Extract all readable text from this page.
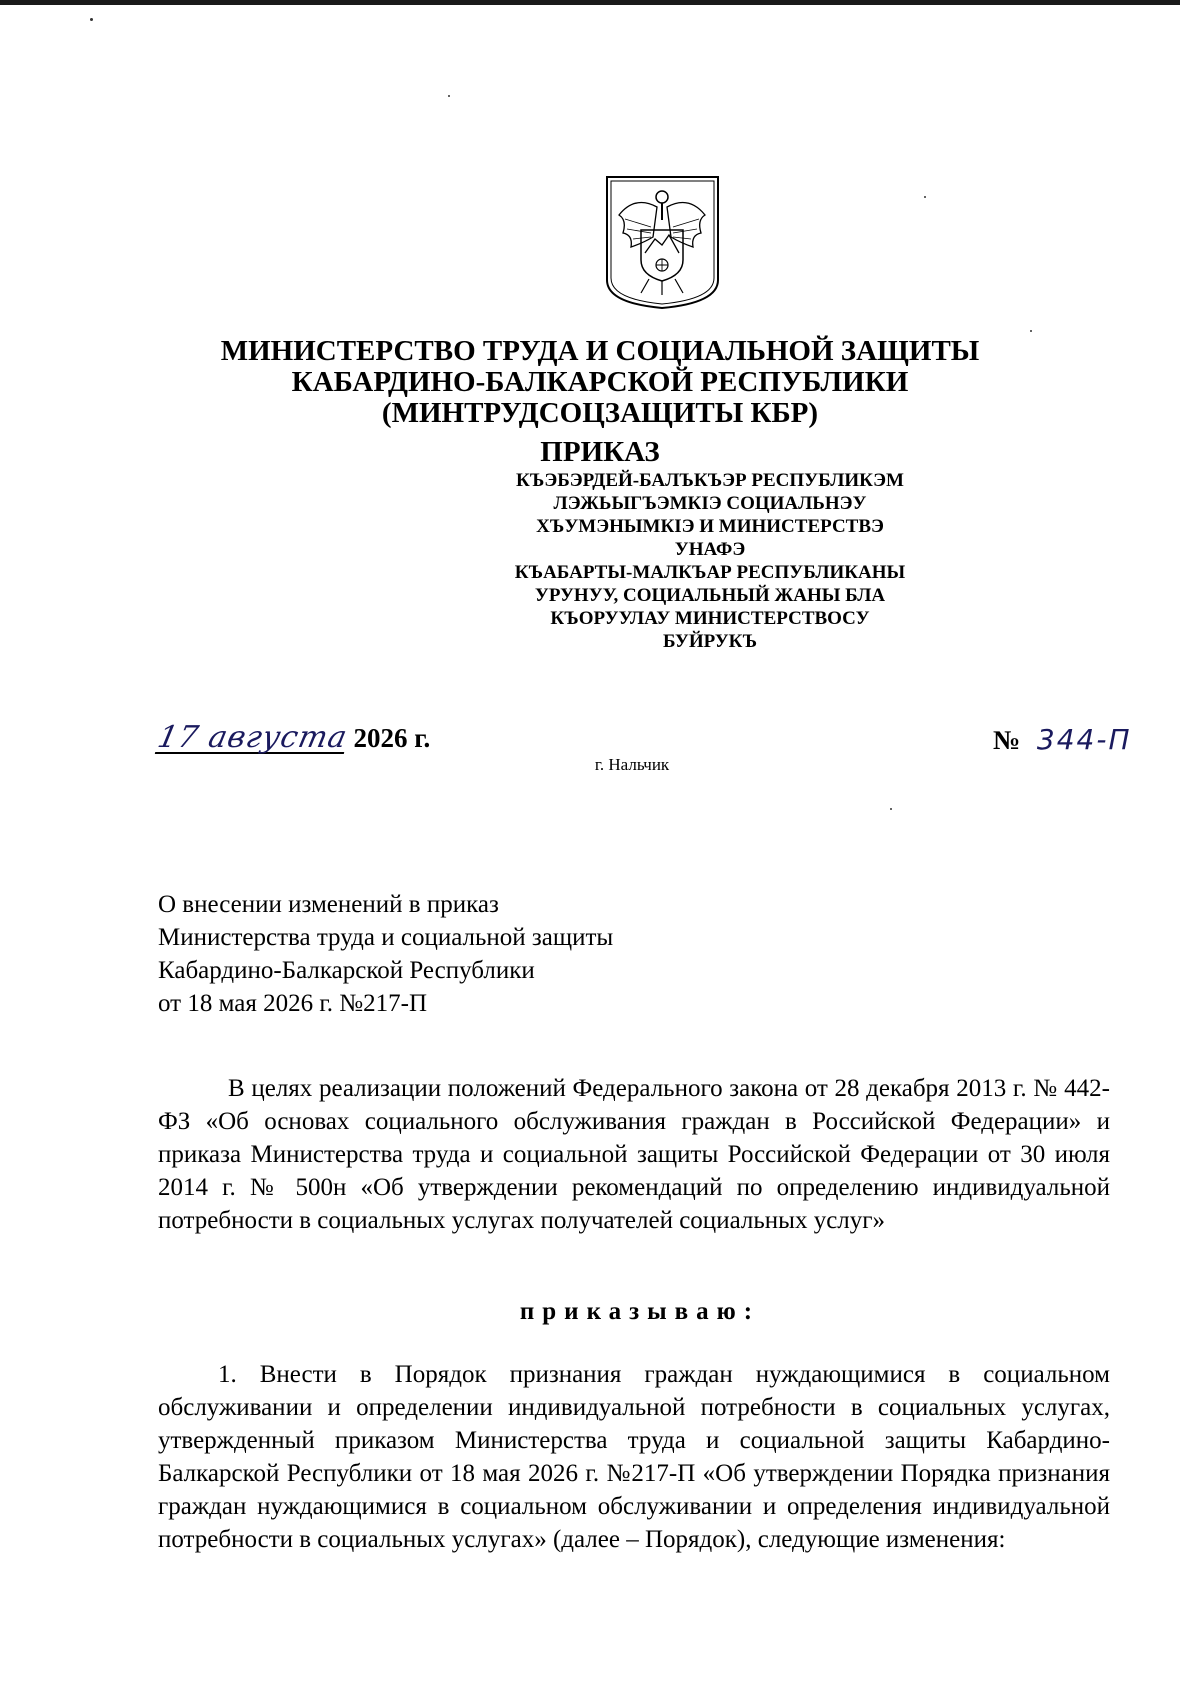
МИНИСТЕРСТВО ТРУДА И СОЦИАЛЬНОЙ ЗАЩИТЫ
КАБАРДИНО-БАЛКАРСКОЙ РЕСПУБЛИКИ
(МИНТРУДСОЦЗАЩИТЫ КБР)
ПРИКАЗ
КЪЭБЭРДЕЙ-БАЛЪКЪЭР РЕСПУБЛИКЭМ
ЛЭЖЬЫГЪЭМКIЭ СОЦИАЛЬНЭУ
ХЪУМЭНЫМКIЭ И МИНИСТЕРСТВЭ
УНАФЭ
КЪАБАРТЫ-МАЛКЪАР РЕСПУБЛИКАНЫ
УРУНУУ, СОЦИАЛЬНЫЙ ЖАНЫ БЛА
КЪОРУУЛАУ МИНИСТЕРСТВОСУ
БУЙРУКЪ
17 августа 2026 г.	№ 344-П
г. Нальчик
О внесении изменений в приказ
Министерства труда и социальной защиты
Кабардино-Балкарской Республики
от 18 мая 2026 г. №217-П
В целях реализации положений Федерального закона от 28 декабря 2013 г. № 442-ФЗ «Об основах социального обслуживания граждан в Российской Федерации» и приказа Министерства труда и социальной защиты Российской Федерации от 30 июля 2014 г. № 500н «Об утверждении рекомендаций по определению индивидуальной потребности в социальных услугах получателей социальных услуг»
приказываю:
1. Внести в Порядок признания граждан нуждающимися в социальном обслуживании и определении индивидуальной потребности в социальных услугах, утвержденный приказом Министерства труда и социальной защиты Кабардино-Балкарской Республики от 18 мая 2026 г. №217-П «Об утверждении Порядка признания граждан нуждающимися в социальном обслуживании и определения индивидуальной потребности в социальных услугах» (далее – Порядок), следующие изменения:
